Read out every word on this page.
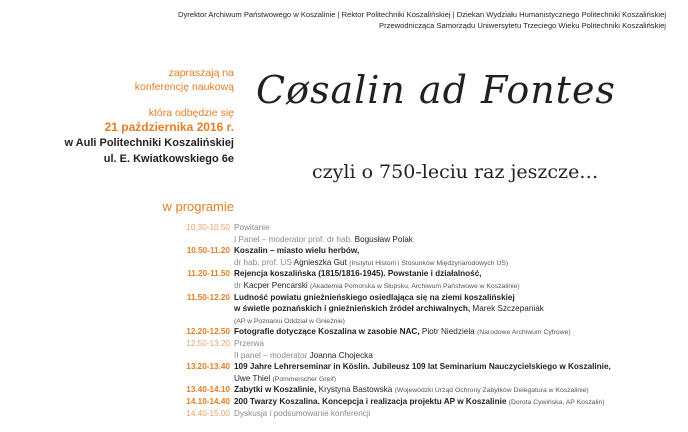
Dyrektor Archiwum Państwowego w Koszalinie | Rektor Politechniki Koszalińskiej | Dziekan Wydziału Humanistycznego Politechniki Koszalińskiej
Przewodnicząca Samorządu Uniwersytetu Trzeciego Wieku Politechniki Koszalińskiej
zapraszają na
konferencję naukową
która odbędzie się
21 października 2016 r.
w Auli Politechniki Koszalińskiej
ul. E. Kwiatkowskiego 6e
Cøsalin ad Fontes
czyli o 750-leciu raz jeszcze…
w programie
10.30-10.50 Powitanie
I Panel – moderator prof. dr hab. Bogusław Polak
10.50-11.20 Koszalin – miasto wielu herbów,
dr hab. prof. US Agnieszka Gut (Instytut Historii i Stosunków Międzynarodowych US)
11.20-11.50 Rejencja koszalińska (1815/1816-1945). Powstanie i działalność,
dr Kacper Pencarski (Akademia Pomorska w Słupsku, Archiwum Państwowe w Koszalinie)
11.50-12.20 Ludność powiatu gnieźnieńskiego osiedlająca się na ziemi koszalińskiej
w świetle poznańskich i gnieźnieńskich źródeł archiwalnych, Marek Szczepaniak
(AP w Poznaniu Oddział w Gnieźnie)
12.20-12.50 Fotografie dotyczące Koszalina w zasobie NAC, Piotr Niedziela (Narodowe Archiwum Cyfrowe)
12.50-13.20 Przerwa
II panel – moderator Joanna Chojecka
13.20-13.40 109 Jahre Lehrerseminar in Köslin. Jubileusz 109 lat Seminarium Nauczycielskiego w Koszalinie,
Uwe Thiel (Pommerscher Greif)
13.40-14.10 Zabytki w Koszalinie, Krystyna Bastowska (Wojewódzki Urząd Ochrony Zabytków Delegatura w Koszalinie)
14.10-14.40 200 Twarzy Koszalina. Koncepcja i realizacja projektu AP w Koszalinie (Dorota Cywińska, AP Koszalin)
14.40-15.00 Dyskusja i podsumowanie konferencji
